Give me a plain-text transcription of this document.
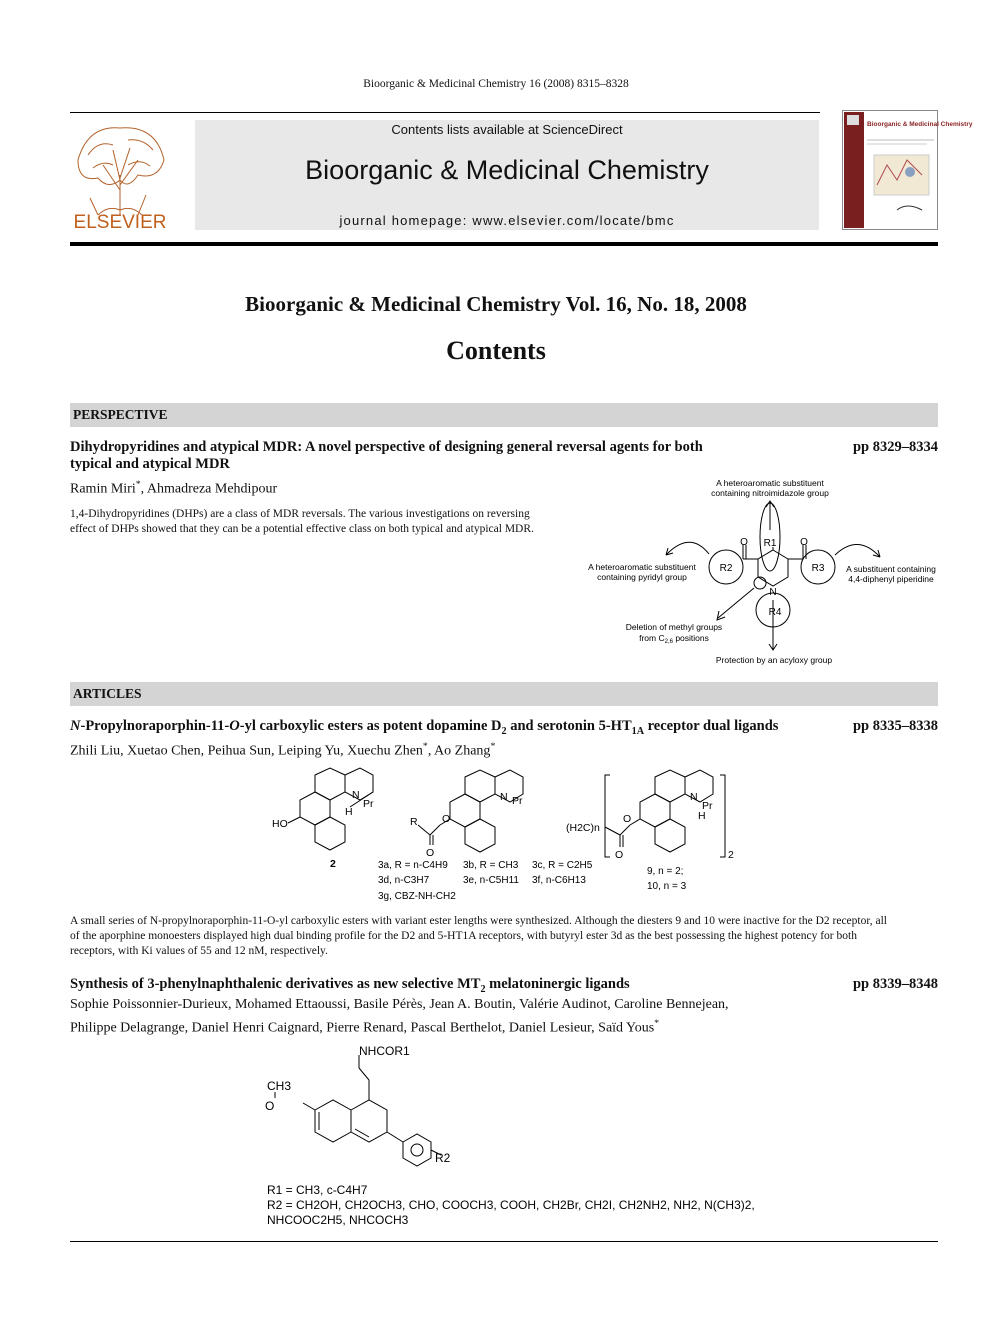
Bioorganic & Medicinal Chemistry 16 (2008) 8315–8328
ELSEVIER
Contents lists available at ScienceDirect
Bioorganic & Medicinal Chemistry
journal homepage: www.elsevier.com/locate/bmc
Bioorganic & Medicinal Chemistry
Bioorganic & Medicinal Chemistry Vol. 16, No. 18, 2008
Contents
PERSPECTIVE
Dihydropyridines and atypical MDR: A novel perspective of designing general reversal agents for both
typical and atypical MDR
pp 8329–8334
Ramin Miri*, Ahmadreza Mehdipour
1,4-Dihydropyridines (DHPs) are a class of MDR reversals. The various investigations on reversing
effect of DHPs showed that they can be a potential effective class on both typical and atypical MDR.
A heteroaromatic substituent
containing nitroimidazole group
A heteroaromatic substituent
containing pyridyl group
A substituent containing
4,4-diphenyl piperidine
Deletion of methyl groups
from $C_{2,6}$ positions
Protection by an acyloxy group
R1
R2	R3
R4
O	O
N
ARTICLES
N-Propylnoraporphin-11-O-yl carboxylic esters as potent dopamine $D_2$ and serotonin $5-HT_{1A}$ receptor dual ligands	pp 8335–8338
Zhili Liu, Xuetao Chen, Peihua Sun, Leiping Yu, Xuechu Zhen*, Ao Zhang*
HO
N
Pr
H
2
N Pr
R O
O
N
Pr
H
(H2C)n
O
O	2
3a, R = n-C4H9
3d, n-C3H7
3g, CBZ-NH-CH2
3b, R = CH3
3e, n-C5H11
3c, R = C2H5
3f, n-C6H13
9, n = 2;
10, n = 3
A small series of N-propylnoraporphin-11-O-yl carboxylic esters with variant ester lengths were synthesized. Although the diesters 9 and 10 were inactive for the D2 receptor, all
of the aporphine monoesters displayed high dual binding profile for the D2 and 5-HT1A receptors, with butyryl ester 3d as the best possessing the highest potency for both
receptors, with Ki values of 55 and 12 nM, respectively.
Synthesis of 3-phenylnaphthalenic derivatives as new selective $MT_2$ melatoninergic ligands	pp 8339–8348
Sophie Poissonnier-Durieux, Mohamed Ettaoussi, Basile Pérès, Jean A. Boutin, Valérie Audinot, Caroline Bennejean,
Philippe Delagrange, Daniel Henri Caignard, Pierre Renard, Pascal Berthelot, Daniel Lesieur, Saïd Yous*
NHCOR1
CH3
O
R2
R1 = CH3, c-C4H7
R2 = CH2OH, CH2OCH3, CHO, COOCH3, COOH, CH2Br, CH2I, CH2NH2, NH2, N(CH3)2,
NHCOOC2H5, NHCOCH3
